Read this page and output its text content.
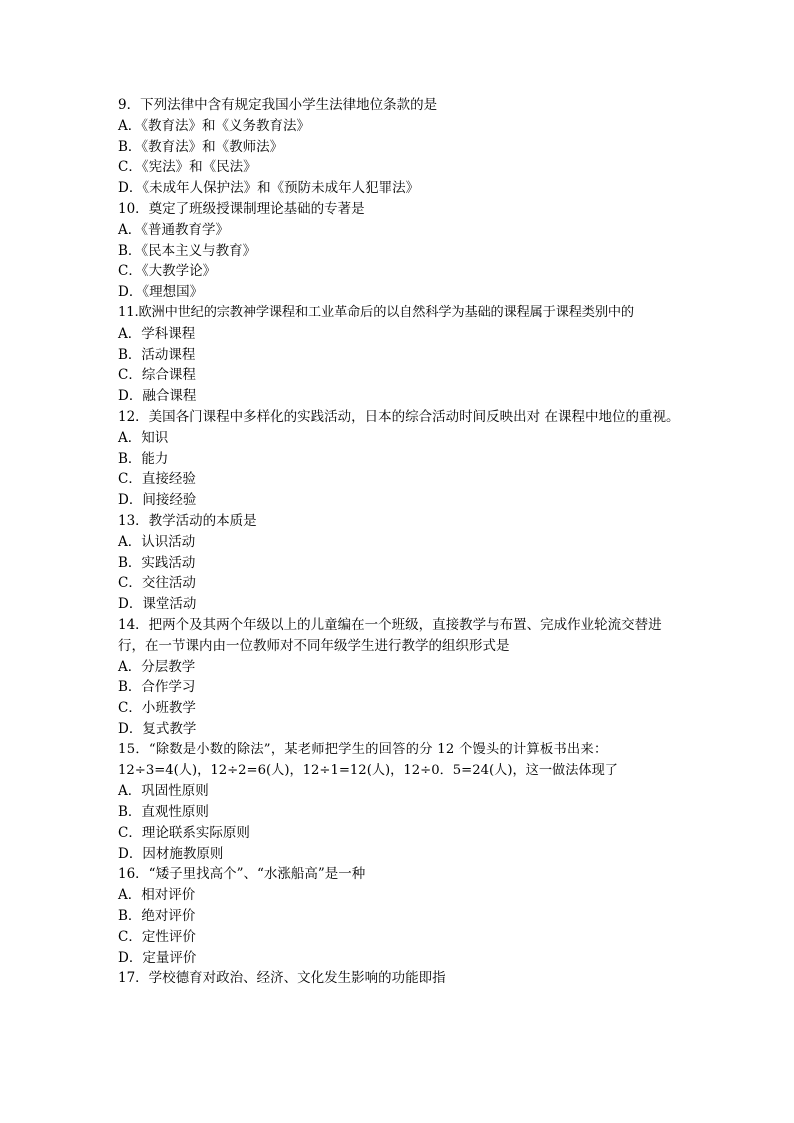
9．下列法律中含有规定我国小学生法律地位条款的是
A．《教育法》和《义务教育法》
B．《教育法》和《教师法》
C．《宪法》和《民法》
D．《未成年人保护法》和《预防未成年人犯罪法》
10．奠定了班级授课制理论基础的专著是
A．《普通教育学》
B．《民本主义与教育》
C．《大教学论》
D．《理想国》
11.欧洲中世纪的宗教神学课程和工业革命后的以自然科学为基础的课程属于课程类别中的
A．学科课程
B．活动课程
C．综合课程
D．融合课程
12．美国各门课程中多样化的实践活动，日本的综合活动时间反映出对 在课程中地位的重视。
A．知识
B．能力
C．直接经验
D．间接经验
13．教学活动的本质是
A．认识活动
B．实践活动
C．交往活动
D．课堂活动
14．把两个及其两个年级以上的儿童编在一个班级，直接教学与布置、完成作业轮流交替进行，在一节课内由一位教师对不同年级学生进行教学的组织形式是
A．分层教学
B．合作学习
C．小班教学
D．复式教学
15．“除数是小数的除法”，某老师把学生的回答的分 12 个馒头的计算板书出来：
12÷3=4(人)，12÷2=6(人)，12÷1=12(人)，12÷0．5=24(人)，这一做法体现了
A．巩固性原则
B．直观性原则
C．理论联系实际原则
D．因材施教原则
16．“矮子里找高个”、“水涨船高”是一种
A．相对评价
B．绝对评价
C．定性评价
D．定量评价
17．学校德育对政治、经济、文化发生影响的功能即指
